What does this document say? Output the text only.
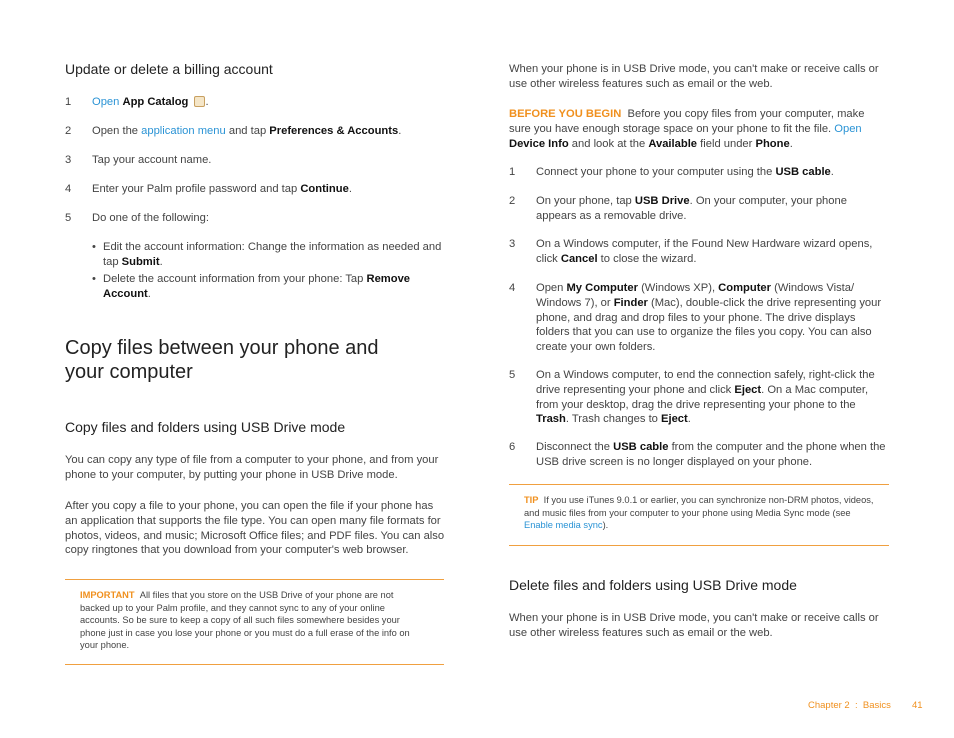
Update or delete a billing account
1 Open App Catalog .
2 Open the application menu and tap Preferences & Accounts.
3 Tap your account name.
4 Enter your Palm profile password and tap Continue.
5 Do one of the following:
• Edit the account information: Change the information as needed and tap Submit.
• Delete the account information from your phone: Tap Remove Account.
Copy files between your phone and your computer
Copy files and folders using USB Drive mode
You can copy any type of file from a computer to your phone, and from your phone to your computer, by putting your phone in USB Drive mode.
After you copy a file to your phone, you can open the file if your phone has an application that supports the file type. You can open many file formats for photos, videos, and music; Microsoft Office files; and PDF files. You can also copy ringtones that you download from your computer's web browser.
IMPORTANT All files that you store on the USB Drive of your phone are not backed up to your Palm profile, and they cannot sync to any of your online accounts. So be sure to keep a copy of all such files somewhere besides your phone just in case you lose your phone or you must do a full erase of the info on your phone.
When your phone is in USB Drive mode, you can't make or receive calls or use other wireless features such as email or the web.
BEFORE YOU BEGIN Before you copy files from your computer, make sure you have enough storage space on your phone to fit the file. Open Device Info and look at the Available field under Phone.
1 Connect your phone to your computer using the USB cable.
2 On your phone, tap USB Drive. On your computer, your phone appears as a removable drive.
3 On a Windows computer, if the Found New Hardware wizard opens, click Cancel to close the wizard.
4 Open My Computer (Windows XP), Computer (Windows Vista/ Windows 7), or Finder (Mac), double-click the drive representing your phone, and drag and drop files to your phone. The drive displays folders that you can use to organize the files you copy. You can also create your own folders.
5 On a Windows computer, to end the connection safely, right-click the drive representing your phone and click Eject. On a Mac computer, from your desktop, drag the drive representing your phone to the Trash. Trash changes to Eject.
6 Disconnect the USB cable from the computer and the phone when the USB drive screen is no longer displayed on your phone.
TIP If you use iTunes 9.0.1 or earlier, you can synchronize non-DRM photos, videos, and music files from your computer to your phone using Media Sync mode (see Enable media sync).
Delete files and folders using USB Drive mode
When your phone is in USB Drive mode, you can't make or receive calls or use other wireless features such as email or the web.
Chapter 2  :  Basics 41
